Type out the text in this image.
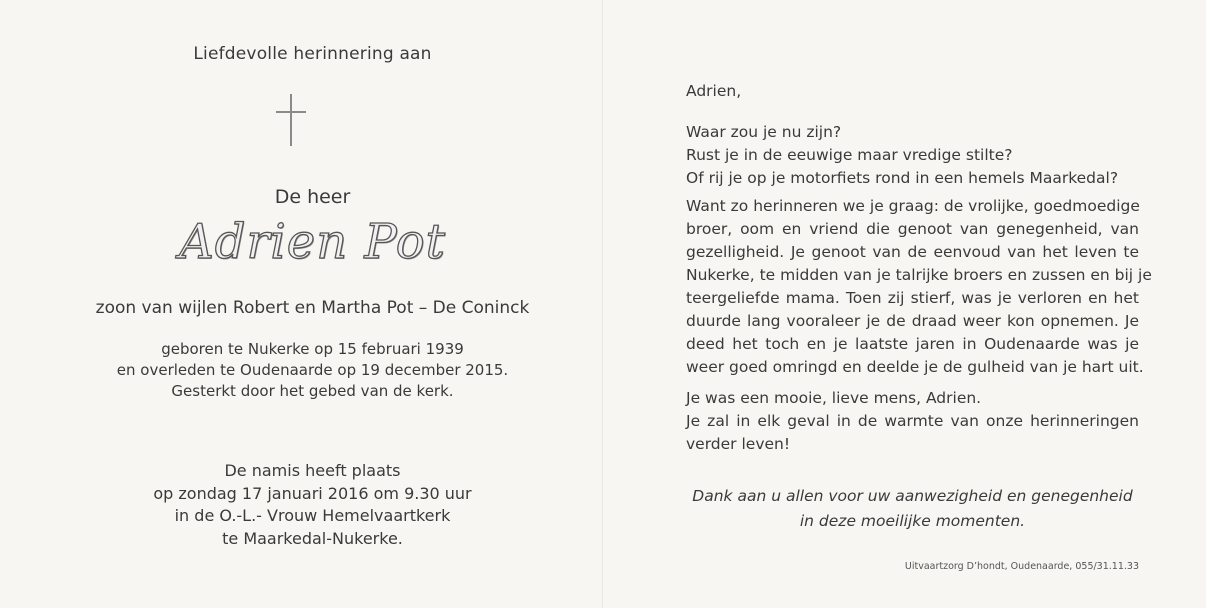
Liefdevolle herinnering aan
De heer
Adrien Pot
zoon van wijlen Robert en Martha Pot – De Coninck
geboren te Nukerke op 15 februari 1939
en overleden te Oudenaarde op 19 december 2015.
Gesterkt door het gebed van de kerk.
De namis heeft plaats
op zondag 17 januari 2016 om 9.30 uur
in de O.-L.- Vrouw Hemelvaartkerk
te Maarkedal-Nukerke.
Adrien,
Waar zou je nu zijn?
Rust je in de eeuwige maar vredige stilte?
Of rij je op je motorfiets rond in een hemels Maarkedal?
Want zo herinneren we je graag: de vrolijke, goedmoedige
broer, oom en vriend die genoot van genegenheid, van
gezelligheid. Je genoot van de eenvoud van het leven te
Nukerke, te midden van je talrijke broers en zussen en bij je
teergeliefde mama. Toen zij stierf, was je verloren en het
duurde lang vooraleer je de draad weer kon opnemen. Je
deed het toch en je laatste jaren in Oudenaarde was je
weer goed omringd en deelde je de gulheid van je hart uit.
Je was een mooie, lieve mens, Adrien.
Je zal in elk geval in de warmte van onze herinneringen
verder leven!
Dank aan u allen voor uw aanwezigheid en genegenheid
in deze moeilijke momenten.
Uitvaartzorg D’hondt, Oudenaarde, 055/31.11.33
